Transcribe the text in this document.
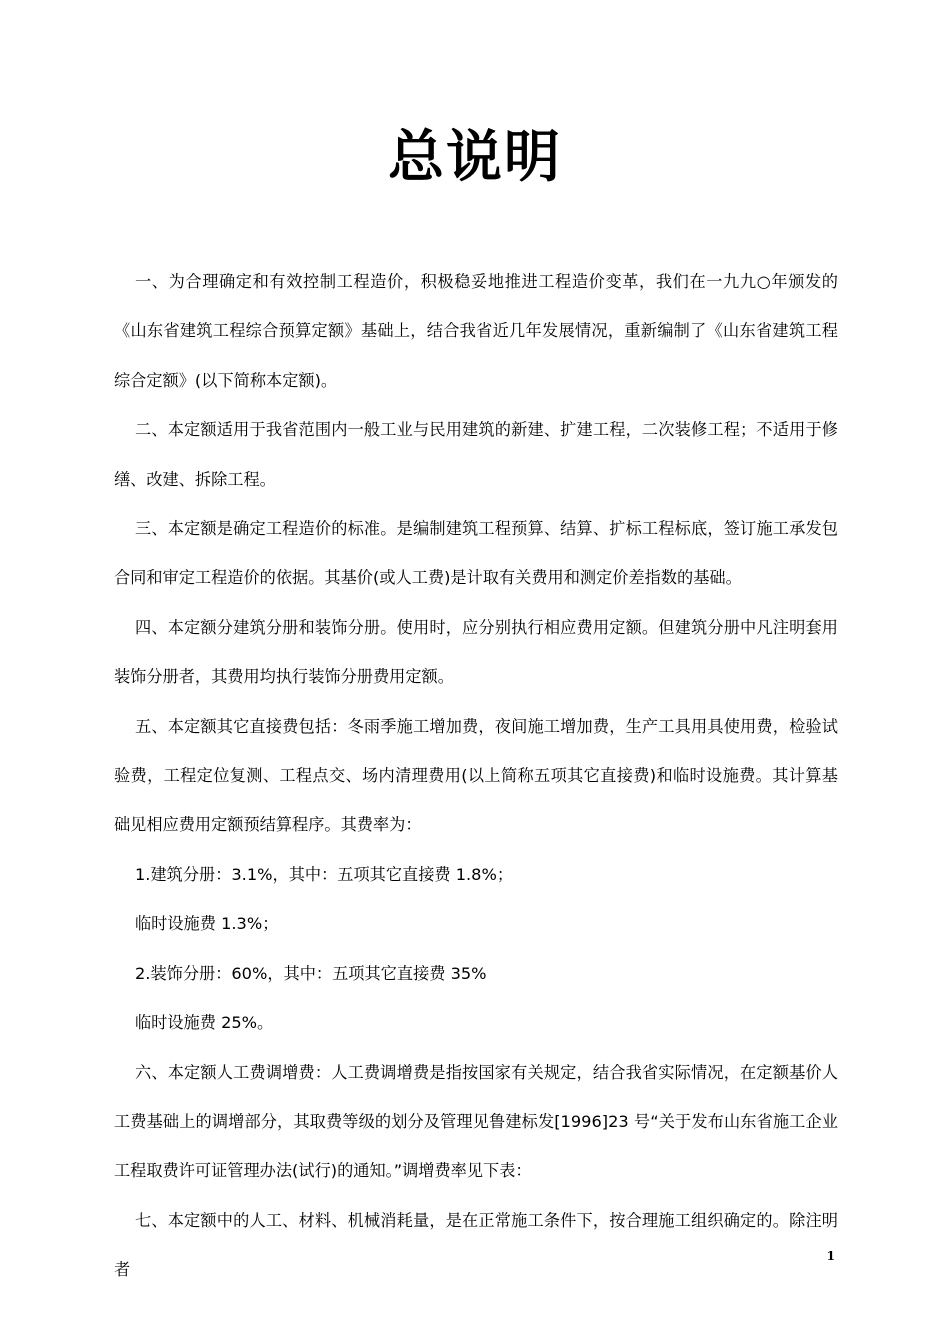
总说明

一、为合理确定和有效控制工程造价，积极稳妥地推进工程造价变革，我们在一九九○年颁发的《山东省建筑工程综合预算定额》基础上，结合我省近几年发展情况，重新编制了《山东省建筑工程综合定额》(以下简称本定额)。

二、本定额适用于我省范围内一般工业与民用建筑的新建、扩建工程，二次装修工程；不适用于修缮、改建、拆除工程。

三、本定额是确定工程造价的标准。是编制建筑工程预算、结算、扩标工程标底，签订施工承发包合同和审定工程造价的依据。其基价(或人工费)是计取有关费用和测定价差指数的基础。

四、本定额分建筑分册和装饰分册。使用时，应分别执行相应费用定额。但建筑分册中凡注明套用装饰分册者，其费用均执行装饰分册费用定额。

五、本定额其它直接费包括：冬雨季施工增加费，夜间施工增加费，生产工具用具使用费，检验试验费，工程定位复测、工程点交、场内清理费用(以上简称五项其它直接费)和临时设施费。其计算基础见相应费用定额预结算程序。其费率为：

1.建筑分册：3.1%，其中：五项其它直接费 1.8%；

临时设施费 1.3%；

2.装饰分册：60%，其中：五项其它直接费 35%

临时设施费 25%。

六、本定额人工费调增费：人工费调增费是指按国家有关规定，结合我省实际情况，在定额基价人工费基础上的调增部分，其取费等级的划分及管理见鲁建标发[1996]23 号“关于发布山东省施工企业工程取费许可证管理办法(试行)的通知。”调增费率见下表：

七、本定额中的人工、材料、机械消耗量，是在正常施工条件下，按合理施工组织确定的。除注明者

1
